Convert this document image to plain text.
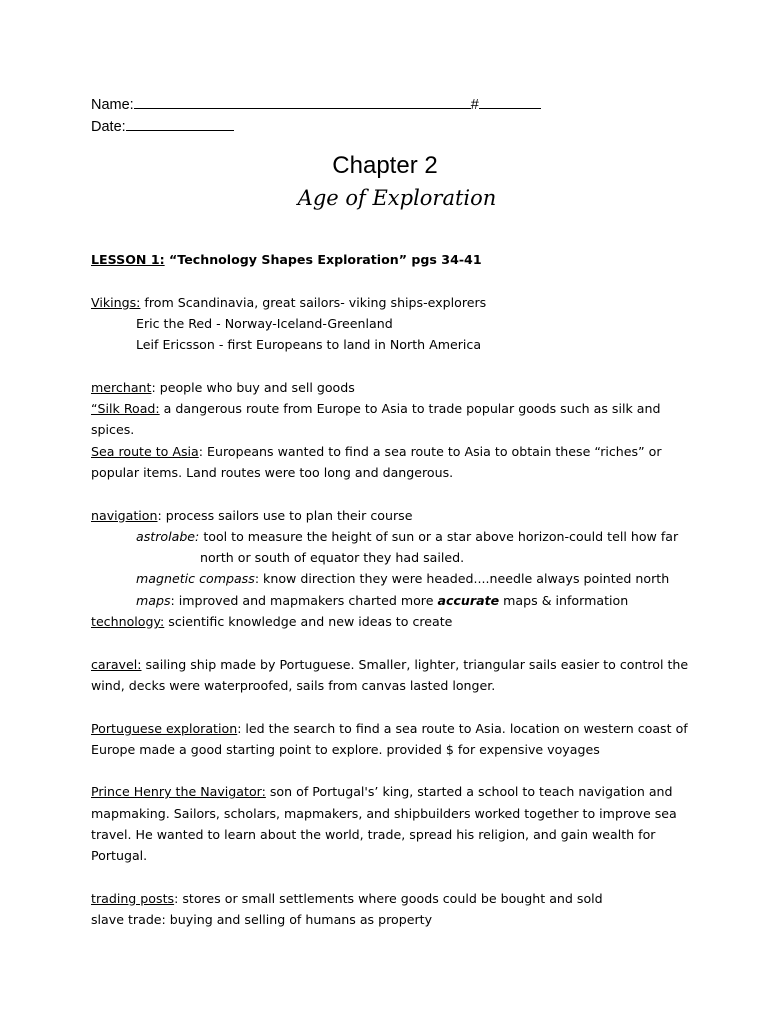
Name:	#
Date:
Chapter 2
Age of Exploration

LESSON 1: “Technology Shapes Exploration” pgs 34-41

Vikings: from Scandinavia, great sailors- viking ships-explorers

Eric the Red - Norway-Iceland-Greenland

Leif Ericsson - first Europeans to land in North America

merchant: people who buy and sell goods

“Silk Road: a dangerous route from Europe to Asia to trade popular goods such as silk and

spices.

Sea route to Asia: Europeans wanted to find a sea route to Asia to obtain these “riches” or

popular items. Land routes were too long and dangerous.

navigation: process sailors use to plan their course

astrolabe: tool to measure the height of sun or a star above horizon-could tell how far

north or south of equator they had sailed.

magnetic compass: know direction they were headed....needle always pointed north

maps: improved and mapmakers charted more accurate maps & information

technology: scientific knowledge and new ideas to create

caravel: sailing ship made by Portuguese. Smaller, lighter, triangular sails easier to control the

wind, decks were waterproofed, sails from canvas lasted longer.

Portuguese exploration: led the search to find a sea route to Asia. location on western coast of

Europe made a good starting point to explore. provided $ for expensive voyages

Prince Henry the Navigator: son of Portugal's’ king, started a school to teach navigation and

mapmaking. Sailors, scholars, mapmakers, and shipbuilders worked together to improve sea

travel. He wanted to learn about the world, trade, spread his religion, and gain wealth for

Portugal.

trading posts: stores or small settlements where goods could be bought and sold

slave trade: buying and selling of humans as property
